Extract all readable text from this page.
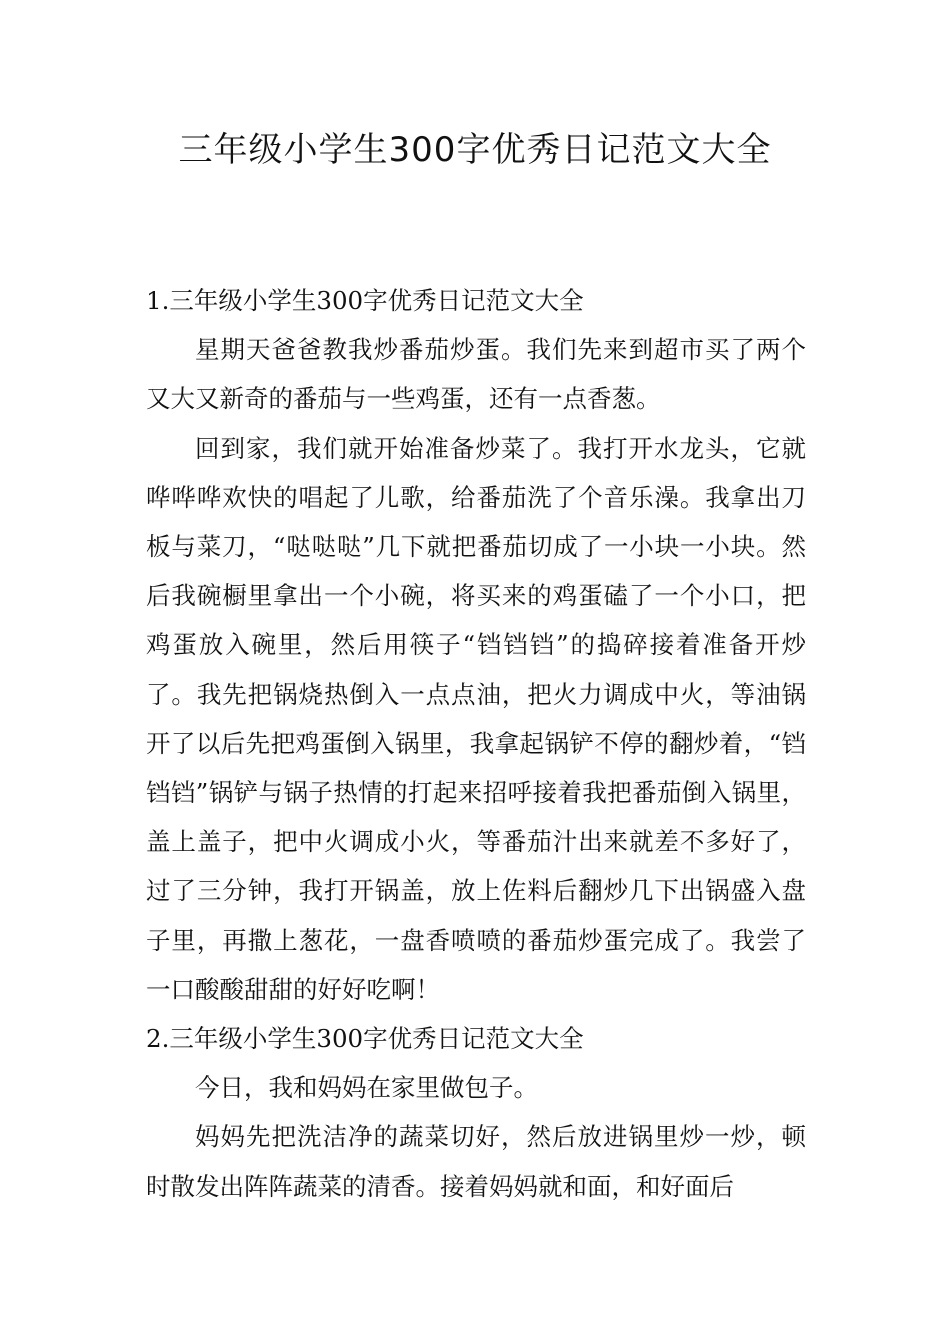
三年级小学生300字优秀日记范文大全

1.三年级小学生300字优秀日记范文大全

星期天爸爸教我炒番茄炒蛋。我们先来到超市买了两个又大又新奇的番茄与一些鸡蛋，还有一点香葱。

回到家，我们就开始准备炒菜了。我打开水龙头，它就哗哗哗欢快的唱起了儿歌，给番茄洗了个音乐澡。我拿出刀板与菜刀，“哒哒哒”几下就把番茄切成了一小块一小块。然后我碗橱里拿出一个小碗，将买来的鸡蛋磕了一个小口，把鸡蛋放入碗里，然后用筷子“铛铛铛”的捣碎接着准备开炒了。我先把锅烧热倒入一点点油，把火力调成中火，等油锅开了以后先把鸡蛋倒入锅里，我拿起锅铲不停的翻炒着，“铛铛铛”锅铲与锅子热情的打起来招呼接着我把番茄倒入锅里，盖上盖子，把中火调成小火，等番茄汁出来就差不多好了，过了三分钟，我打开锅盖，放上佐料后翻炒几下出锅盛入盘子里，再撒上葱花，一盘香喷喷的番茄炒蛋完成了。我尝了一口酸酸甜甜的好好吃啊！

2.三年级小学生300字优秀日记范文大全

今日，我和妈妈在家里做包子。

妈妈先把洗洁净的蔬菜切好，然后放进锅里炒一炒，顿时散发出阵阵蔬菜的清香。接着妈妈就和面，和好面后
